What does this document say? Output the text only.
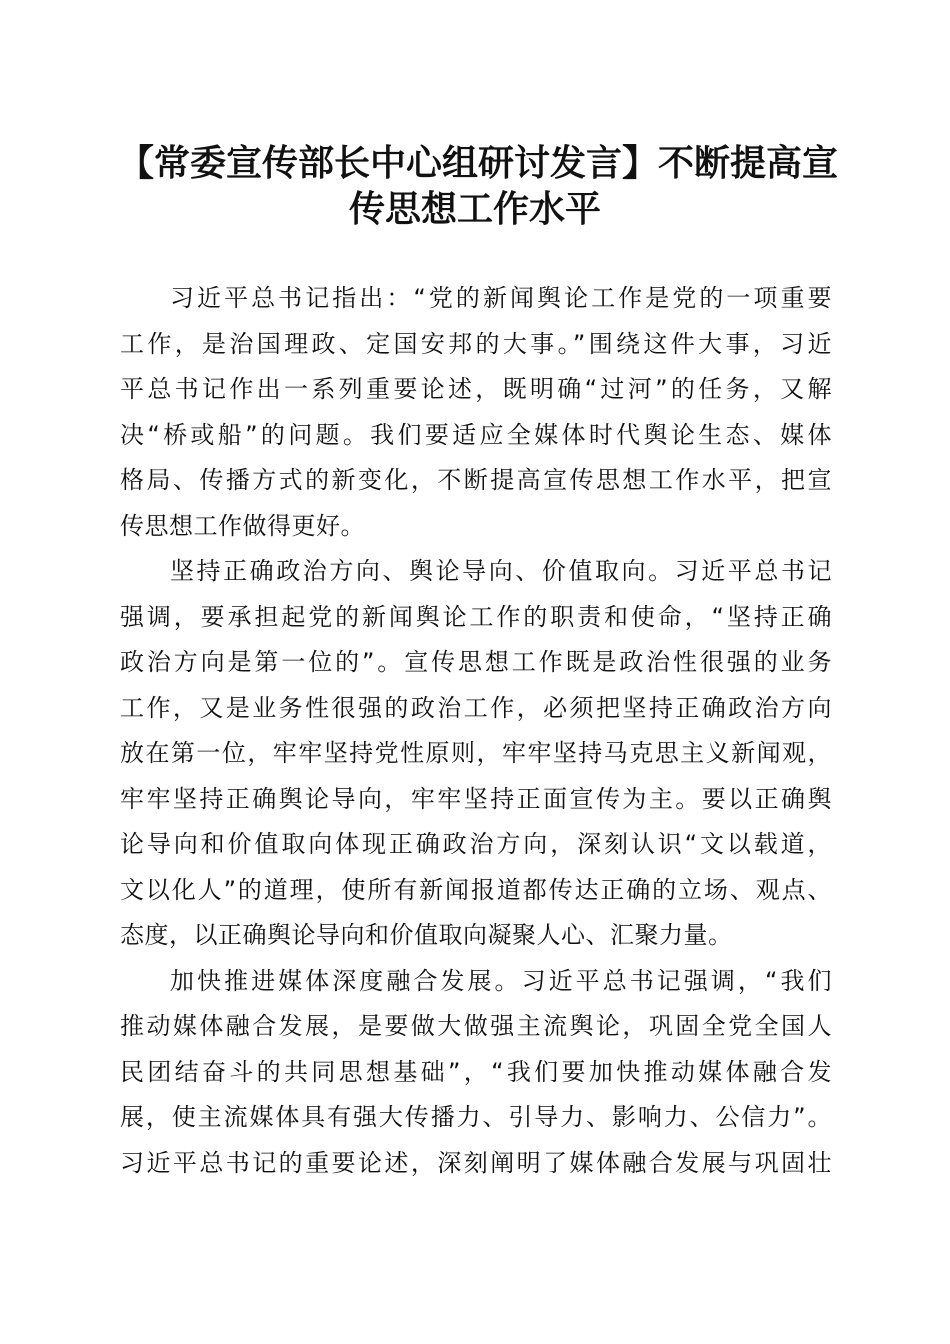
【常委宣传部长中心组研讨发言】不断提高宣
传思想工作水平
习近平总书记指出：“党的新闻舆论工作是党的一项重要
工作，是治国理政、定国安邦的大事。”围绕这件大事，习近
平总书记作出一系列重要论述，既明确“过河”的任务，又解
决“桥或船”的问题。我们要适应全媒体时代舆论生态、媒体
格局、传播方式的新变化，不断提高宣传思想工作水平，把宣
传思想工作做得更好。
坚持正确政治方向、舆论导向、价值取向。习近平总书记
强调，要承担起党的新闻舆论工作的职责和使命，“坚持正确
政治方向是第一位的”。宣传思想工作既是政治性很强的业务
工作，又是业务性很强的政治工作，必须把坚持正确政治方向
放在第一位，牢牢坚持党性原则，牢牢坚持马克思主义新闻观，
牢牢坚持正确舆论导向，牢牢坚持正面宣传为主。要以正确舆
论导向和价值取向体现正确政治方向，深刻认识“文以载道，
文以化人”的道理，使所有新闻报道都传达正确的立场、观点、
态度，以正确舆论导向和价值取向凝聚人心、汇聚力量。
加快推进媒体深度融合发展。习近平总书记强调，“我们
推动媒体融合发展，是要做大做强主流舆论，巩固全党全国人
民团结奋斗的共同思想基础”，“我们要加快推动媒体融合发
展，使主流媒体具有强大传播力、引导力、影响力、公信力”。
习近平总书记的重要论述，深刻阐明了媒体融合发展与巩固壮
